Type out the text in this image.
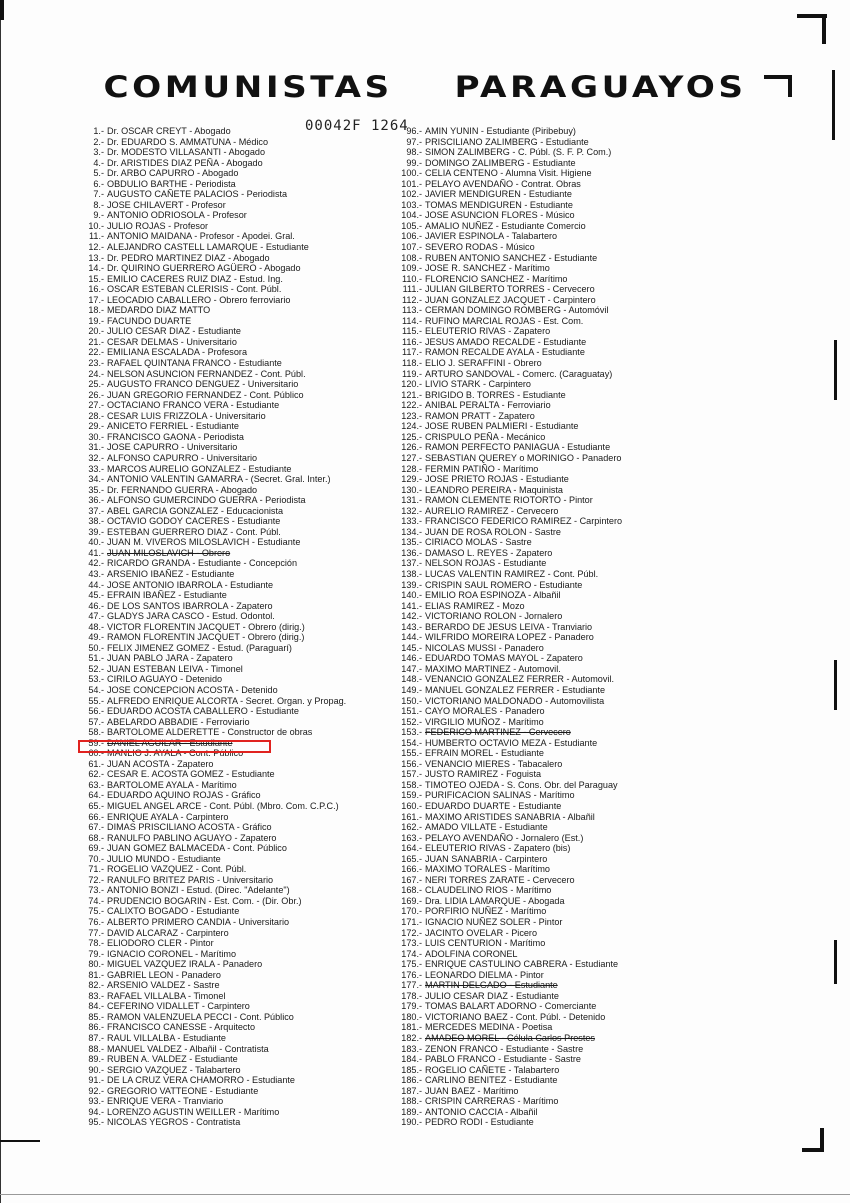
COMUNISTAS    PARAGUAYOS
00042F 1264
1.- Dr. OSCAR CREYT - Abogado
2.- Dr. EDUARDO S. AMMATUNA - Médico
3.- Dr. MODESTO VILLASANTI - Abogado
4.- Dr. ARISTIDES DIAZ PEÑA - Abogado
5.- Dr. ARBO CAPURRO - Abogado
6.- OBDULIO BARTHE - Periodista
7.- AUGUSTO CAÑETE PALACIOS - Periodista
8.- JOSE CHILAVERT - Profesor
9.- ANTONIO ODRIOSOLA - Profesor
10.- JULIO ROJAS - Profesor
11.- ANTONIO MAIDANA - Profesor - Apodei. Gral.
12.- ALEJANDRO CASTELL LAMARQUE - Estudiante
13.- Dr. PEDRO MARTINEZ DIAZ - Abogado
14.- Dr. QUIRINO GUERRERO AGÜERO - Abogado
15.- EMILIO CACERES RUIZ DIAZ - Estud. Ing.
16.- OSCAR ESTEBAN CLERISIS - Cont. Públ.
17.- LEOCADIO CABALLERO - Obrero ferroviario
18.- MEDARDO DIAZ MATTO
19.- FACUNDO DUARTE
20.- JULIO CESAR DIAZ - Estudiante
21.- CESAR DELMAS - Universitario
22.- EMILIANA ESCALADA - Profesora
23.- RAFAEL QUINTANA FRANCO - Estudiante
24.- NELSON ASUNCION FERNANDEZ - Cont. Públ.
25.- AUGUSTO FRANCO DENGUEZ - Universitario
26.- JUAN GREGORIO FERNANDEZ - Cont. Público
27.- OCTACIANO FRANCO VERA - Estudiante
28.- CESAR LUIS FRIZZOLA - Universitario
29.- ANICETO FERRIEL - Estudiante
30.- FRANCISCO GAONA - Periodista
31.- JOSE CAPURRO - Universitario
32.- ALFONSO CAPURRO - Universitario
33.- MARCOS AURELIO GONZALEZ - Estudiante
34.- ANTONIO VALENTIN GAMARRA - (Secret. Gral. Inter.)
35.- Dr. FERNANDO GUERRA - Abogado
36.- ALFONSO GUMERCINDO GUERRA - Periodista
37.- ABEL GARCIA GONZALEZ - Educacionista
38.- OCTAVIO GODOY CACERES - Estudiante
39.- ESTEBAN GUERRERO DIAZ - Cont. Públ.
40.- JUAN M. VIVEROS MILOSLAVICH - Estudiante
41.- JUAN MILOSLAVICH - Obrero
42.- RICARDO GRANDA - Estudiante - Concepción
43.- ARSENIO IBAÑEZ - Estudiante
44.- JOSE ANTONIO IBARROLA - Estudiante
45.- EFRAIN IBAÑEZ - Estudiante
46.- DE LOS SANTOS IBARROLA - Zapatero
47.- GLADYS JARA CASCO - Estud. Odontol.
48.- VICTOR FLORENTIN JACQUET - Obrero (dirig.)
49.- RAMON FLORENTIN JACQUET - Obrero (dirig.)
50.- FELIX JIMENEZ GOMEZ - Estud. (Paraguarí)
51.- JUAN PABLO JARA - Zapatero
52.- JUAN ESTEBAN LEIVA - Timonel
53.- CIRILO AGUAYO - Detenido
54.- JOSE CONCEPCION ACOSTA - Detenido
55.- ALFREDO ENRIQUE ALCORTA - Secret. Organ. y Propag.
56.- EDUARDO ACOSTA CABALLERO - Estudiante
57.- ABELARDO ABBADIE - Ferroviario
58.- BARTOLOME ALDERETTE - Constructor de obras
59.- DANIEL AGUILAR - Estudiante
60.- MANLIO J. AYALA - Cont. Público
61.- JUAN ACOSTA - Zapatero
62.- CESAR E. ACOSTA GOMEZ - Estudiante
63.- BARTOLOME AYALA - Marítimo
64.- EDUARDO AQUINO ROJAS - Gráfico
65.- MIGUEL ANGEL ARCE - Cont. Públ. (Mbro. Com. C.P.C.)
66.- ENRIQUE AYALA - Carpintero
67.- DIMAS PRISCILIANO ACOSTA - Gráfico
68.- RANULFO PABLINO AGUAYO - Zapatero
69.- JUAN GOMEZ BALMACEDA - Cont. Público
70.- JULIO MUNDO - Estudiante
71.- ROGELIO VAZQUEZ - Cont. Públ.
72.- RANULFO BRITEZ PARIS - Universitario
73.- ANTONIO BONZI - Estud. (Direc. "Adelante")
74.- PRUDENCIO BOGARIN - Est. Com. - (Dir. Obr.)
75.- CALIXTO BOGADO - Estudiante
76.- ALBERTO PRIMERO CANDIA - Universitario
77.- DAVID ALCARAZ - Carpintero
78.- ELIODORO CLER - Pintor
79.- IGNACIO CORONEL - Marítimo
80.- MIGUEL VAZQUEZ IRALA - Panadero
81.- GABRIEL LEON - Panadero
82.- ARSENIO VALDEZ - Sastre
83.- RAFAEL VILLALBA - Timonel
84.- CEFERINO VIDALLET - Carpintero
85.- RAMON VALENZUELA PECCI - Cont. Público
86.- FRANCISCO CANESSE - Arquitecto
87.- RAUL VILLALBA - Estudiante
88.- MANUEL VALDEZ - Albañil - Contratista
89.- RUBEN A. VALDEZ - Estudiante
90.- SERGIO VAZQUEZ - Talabartero
91.- DE LA CRUZ VERA CHAMORRO - Estudiante
92.- GREGORIO VATTEONE - Estudiante
93.- ENRIQUE VERA - Tranviario
94.- LORENZO AGUSTIN WEILLER - Marítimo
95.- NICOLAS YEGROS - Contratista
96.- AMIN YUNIN - Estudiante (Piribebuy)
97.- PRISCILIANO ZALIMBERG - Estudiante
98.- SIMON ZALIMBERG - C. Públ. (S. F. P. Com.)
99.- DOMINGO ZALIMBERG - Estudiante
100.- CELIA CENTENO - Alumna Visit. Higiene
101.- PELAYO AVENDAÑO - Contrat. Obras
102.- JAVIER MENDIGUREN - Estudiante
103.- TOMAS MENDIGUREN - Estudiante
104.- JOSE ASUNCION FLORES - Músico
105.- AMALIO NUÑEZ - Estudiante Comercio
106.- JAVIER ESPINOLA - Talabartero
107.- SEVERO RODAS - Músico
108.- RUBEN ANTONIO SANCHEZ - Estudiante
109.- JOSE R. SANCHEZ - Marítimo
110.- FLORENCIO SANCHEZ - Marítimo
111.- JULIAN GILBERTO TORRES - Cervecero
112.- JUAN GONZALEZ JACQUET - Carpintero
113.- CERMAN DOMINGO ROMBERG - Automóvil
114.- RUFINO MARCIAL ROJAS - Est. Com.
115.- ELEUTERIO RIVAS - Zapatero
116.- JESUS AMADO RECALDE - Estudiante
117.- RAMON RECALDE AYALA - Estudiante
118.- ELIO J. SERAFFINI - Obrero
119.- ARTURO SANDOVAL - Comerc. (Caraguatay)
120.- LIVIO STARK - Carpintero
121.- BRIGIDO B. TORRES - Estudiante
122.- ANIBAL PERALTA - Ferroviario
123.- RAMON PRATT - Zapatero
124.- JOSE RUBEN PALMIERI - Estudiante
125.- CRISPULO PEÑA - Mecánico
126.- RAMON PERFECTO PANIAGUA - Estudiante
127.- SEBASTIAN QUEREY o MORINIGO - Panadero
128.- FERMIN PATIÑO - Marítimo
129.- JOSE PRIETO ROJAS - Estudiante
130.- LEANDRO PEREIRA - Maquinista
131.- RAMON CLEMENTE RIOTORTO - Pintor
132.- AURELIO RAMIREZ - Cervecero
133.- FRANCISCO FEDERICO RAMIREZ - Carpintero
134.- JUAN DE ROSA ROLON - Sastre
135.- CIRIACO MOLAS - Sastre
136.- DAMASO L. REYES - Zapatero
137.- NELSON ROJAS - Estudiante
138.- LUCAS VALENTIN RAMIREZ - Cont. Públ.
139.- CRISPIN SAUL ROMERO - Estudiante
140.- EMILIO ROA ESPINOZA - Albañil
141.- ELIAS RAMIREZ - Mozo
142.- VICTORIANO ROLON - Jornalero
143.- BERARDO DE JESUS LEIVA - Tranviario
144.- WILFRIDO MOREIRA LOPEZ - Panadero
145.- NICOLAS MUSSI - Panadero
146.- EDUARDO TOMAS MAYOL - Zapatero
147.- MAXIMO MARTINEZ - Automovil.
148.- VENANCIO GONZALEZ FERRER - Automovil.
149.- MANUEL GONZALEZ FERRER - Estudiante
150.- VICTORIANO MALDONADO - Automovilista
151.- CAYO MORALES - Panadero
152.- VIRGILIO MUÑOZ - Marítimo
153.- FEDERICO MARTINEZ - Cervecero
154.- HUMBERTO OCTAVIO MEZA - Estudiante
155.- EFRAIN MOREL - Estudiante
156.- VENANCIO MIERES - Tabacalero
157.- JUSTO RAMIREZ - Foguista
158.- TIMOTEO OJEDA - S. Cons. Obr. del Paraguay
159.- PURIFICACION SALINAS - Marítimo
160.- EDUARDO DUARTE - Estudiante
161.- MAXIMO ARISTIDES SANABRIA - Albañil
162.- AMADO VILLATE - Estudiante
163.- PELAYO AVENDAÑO - Jornalero (Est.)
164.- ELEUTERIO RIVAS - Zapatero (bis)
165.- JUAN SANABRIA - Carpintero
166.- MAXIMO TORALES - Marítimo
167.- NERI TORRES ZARATE - Cervecero
168.- CLAUDELINO RIOS - Marítimo
169.- Dra. LIDIA LAMARQUE - Abogada
170.- PORFIRIO NUÑEZ - Marítimo
171.- IGNACIO NUÑEZ SOLER - Pintor
172.- JACINTO OVELAR - Picero
173.- LUIS CENTURION - Marítimo
174.- ADOLFINA CORONEL
175.- ENRIQUE CASTULINO CABRERA - Estudiante
176.- LEONARDO DIELMA - Pintor
177.- MARTIN DELGADO - Estudiante
178.- JULIO CESAR DIAZ - Estudiante
179.- TOMAS BALART ADORNO - Comerciante
180.- VICTORIANO BAEZ - Cont. Públ. - Detenido
181.- MERCEDES MEDINA - Poetisa
182.- AMADEO MOREL - Célula Carlos Prestes
183.- ZENON FRANCO - Estudiante - Sastre
184.- PABLO FRANCO - Estudiante - Sastre
185.- ROGELIO CAÑETE - Talabartero
186.- CARLINO BENITEZ - Estudiante
187.- JUAN BAEZ - Marítimo
188.- CRISPIN CARRERAS - Marítimo
189.- ANTONIO CACCIA - Albañil
190.- PEDRO RODI - Estudiante
